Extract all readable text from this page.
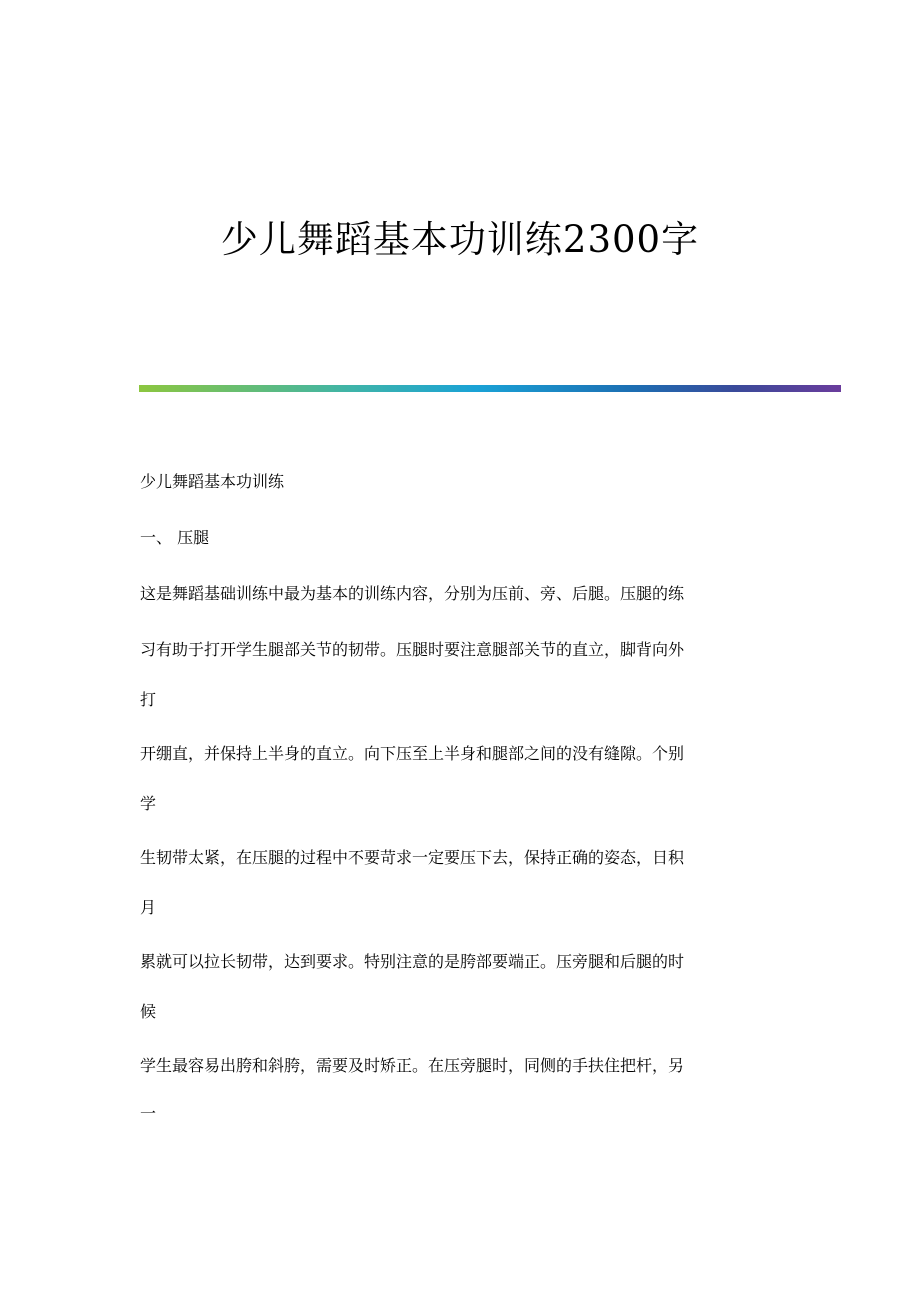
少儿舞蹈基本功训练2300字
少儿舞蹈基本功训练
一、 压腿
这是舞蹈基础训练中最为基本的训练内容，分别为压前、旁、后腿。压腿的练
习有助于打开学生腿部关节的韧带。压腿时要注意腿部关节的直立，脚背向外
打
开绷直，并保持上半身的直立。向下压至上半身和腿部之间的没有缝隙。个别
学
生韧带太紧，在压腿的过程中不要苛求一定要压下去，保持正确的姿态，日积
月
累就可以拉长韧带，达到要求。特别注意的是胯部要端正。压旁腿和后腿的时
候
学生最容易出胯和斜胯，需要及时矫正。在压旁腿时，同侧的手扶住把杆，另
一
